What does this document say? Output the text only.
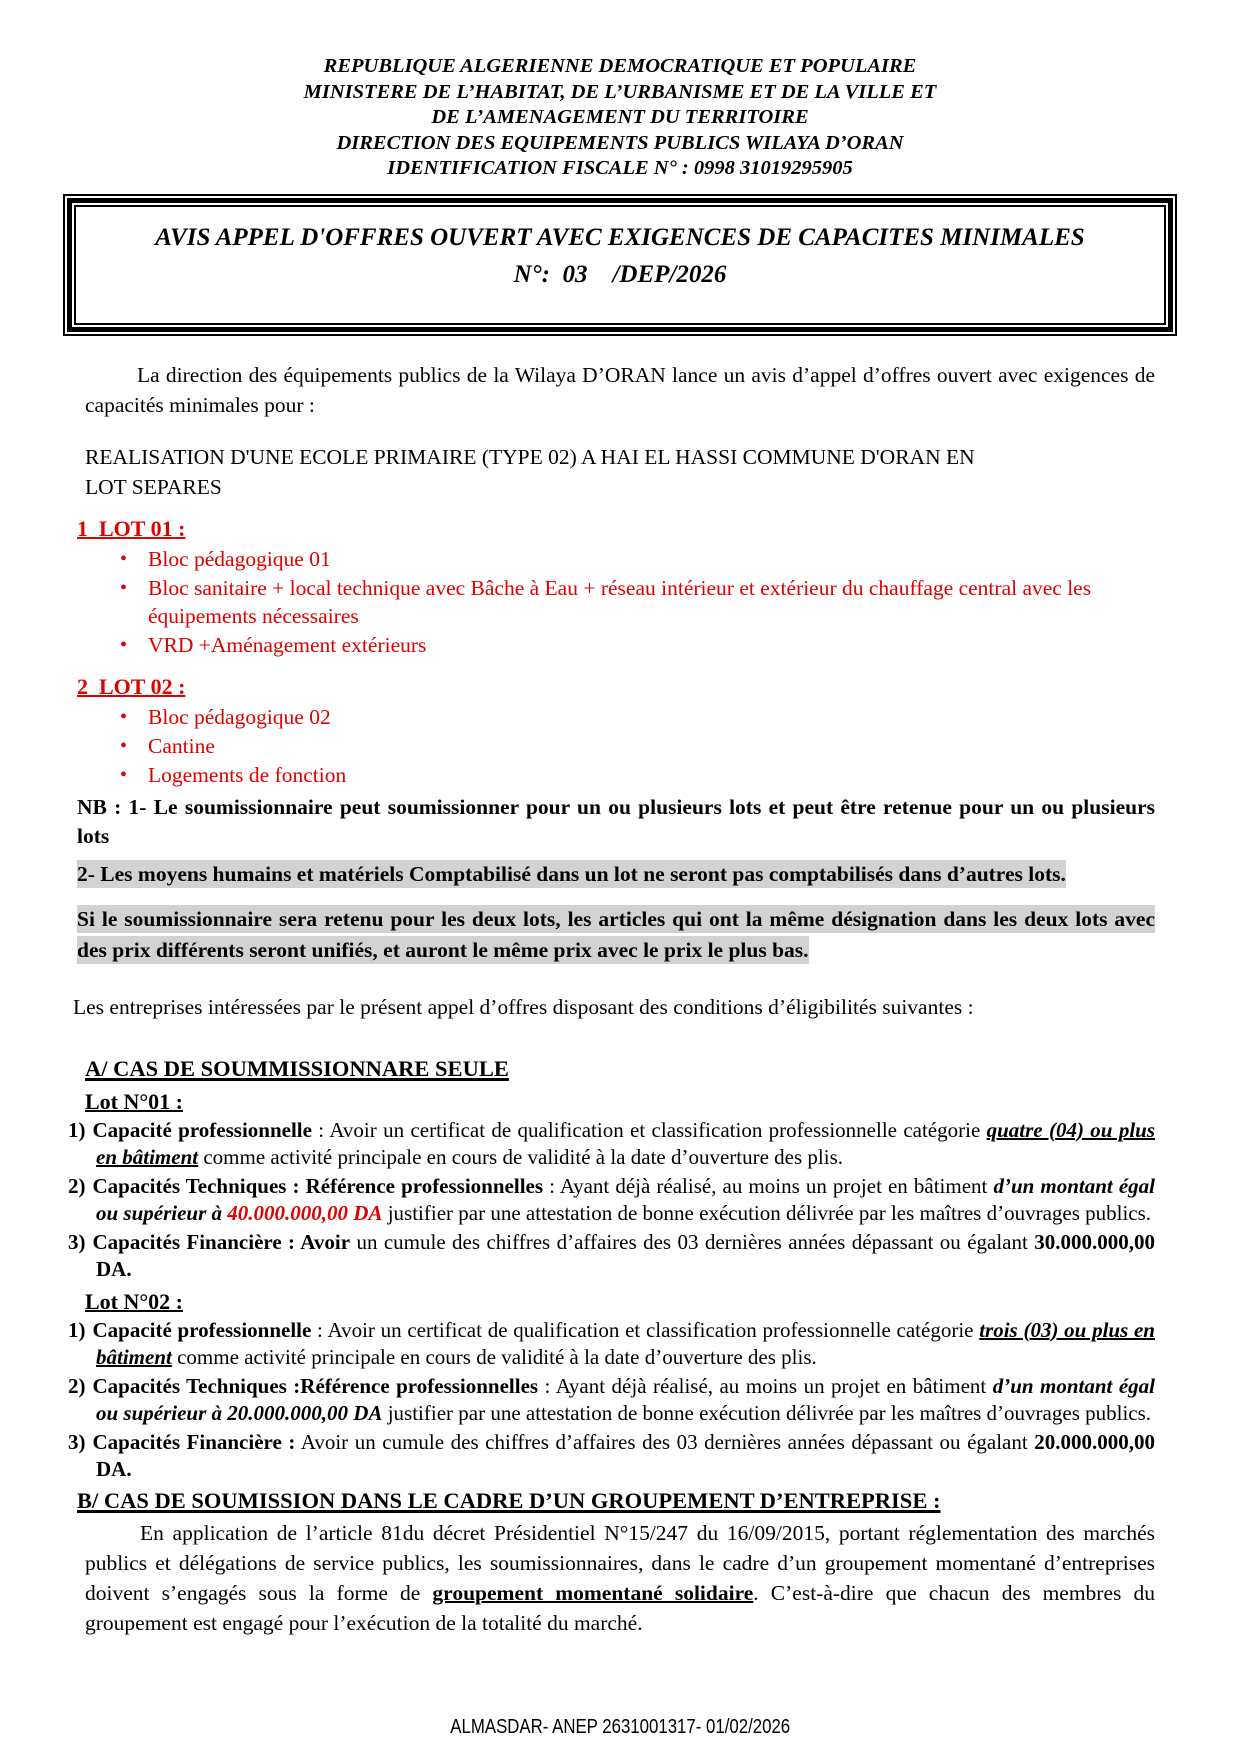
REPUBLIQUE ALGERIENNE DEMOCRATIQUE ET POPULAIRE
MINISTERE DE L’HABITAT, DE L’URBANISME ET DE LA VILLE ET
DE L’AMENAGEMENT DU TERRITOIRE
DIRECTION DES EQUIPEMENTS PUBLICS WILAYA D’ORAN
IDENTIFICATION FISCALE N° : 0998 31019295905
AVIS APPEL D'OFFRES OUVERT AVEC EXIGENCES DE CAPACITES MINIMALES
N°:  03    /DEP/2026

La direction des équipements publics de la Wilaya D’ORAN lance un avis d’appel d’offres ouvert avec exigences de capacités minimales pour :

REALISATION D'UNE ECOLE PRIMAIRE (TYPE 02) A HAI EL HASSI COMMUNE D'ORAN EN LOT SEPARES

1  LOT 01 :
• Bloc pédagogique 01
• Bloc sanitaire + local technique avec Bâche à Eau + réseau intérieur et extérieur du chauffage central avec les équipements nécessaires
• VRD +Aménagement extérieurs
2  LOT 02 :
• Bloc pédagogique 02
• Cantine
• Logements de fonction

NB : 1- Le soumissionnaire peut soumissionner pour un ou plusieurs lots et peut être retenue pour un ou plusieurs lots

2- Les moyens humains et matériels Comptabilisé dans un lot ne seront pas comptabilisés dans d’autres lots.

Si le soumissionnaire sera retenu pour les deux lots, les articles qui ont la même désignation dans les deux lots avec des prix différents seront unifiés, et auront le même prix avec le prix le plus bas.

Les entreprises intéressées par le présent appel d’offres disposant des conditions d’éligibilités suivantes :

A/ CAS DE SOUMMISSIONNARE SEULE
Lot N°01 :
1) Capacité professionnelle : Avoir un certificat de qualification et classification professionnelle catégorie quatre (04) ou plus en bâtiment comme activité principale en cours de validité à la date d’ouverture des plis.
2) Capacités Techniques : Référence professionnelles : Ayant déjà réalisé, au moins un projet en bâtiment d’un montant égal ou supérieur à 40.000.000,00 DA justifier par une attestation de bonne exécution délivrée par les maîtres d’ouvrages publics.
3) Capacités Financière : Avoir un cumule des chiffres d’affaires des 03 dernières années dépassant ou égalant 30.000.000,00 DA.
Lot N°02 :
1) Capacité professionnelle : Avoir un certificat de qualification et classification professionnelle catégorie trois (03) ou plus en bâtiment comme activité principale en cours de validité à la date d’ouverture des plis.
2) Capacités Techniques :Référence professionnelles : Ayant déjà réalisé, au moins un projet en bâtiment d’un montant égal ou supérieur à 20.000.000,00 DA justifier par une attestation de bonne exécution délivrée par les maîtres d’ouvrages publics.
3) Capacités Financière : Avoir un cumule des chiffres d’affaires des 03 dernières années dépassant ou égalant 20.000.000,00 DA.
B/ CAS DE SOUMISSION DANS LE CADRE D’UN GROUPEMENT D’ENTREPRISE :

En application de l’article 81du décret Présidentiel N°15/247 du 16/09/2015, portant réglementation des marchés publics et délégations de service publics, les soumissionnaires, dans le cadre d’un groupement momentané d’entreprises doivent s’engagés sous la forme de groupement momentané solidaire. C’est-à-dire que chacun des membres du groupement est engagé pour l’exécution de la totalité du marché.

ALMASDAR- ANEP 2631001317- 01/02/2026
